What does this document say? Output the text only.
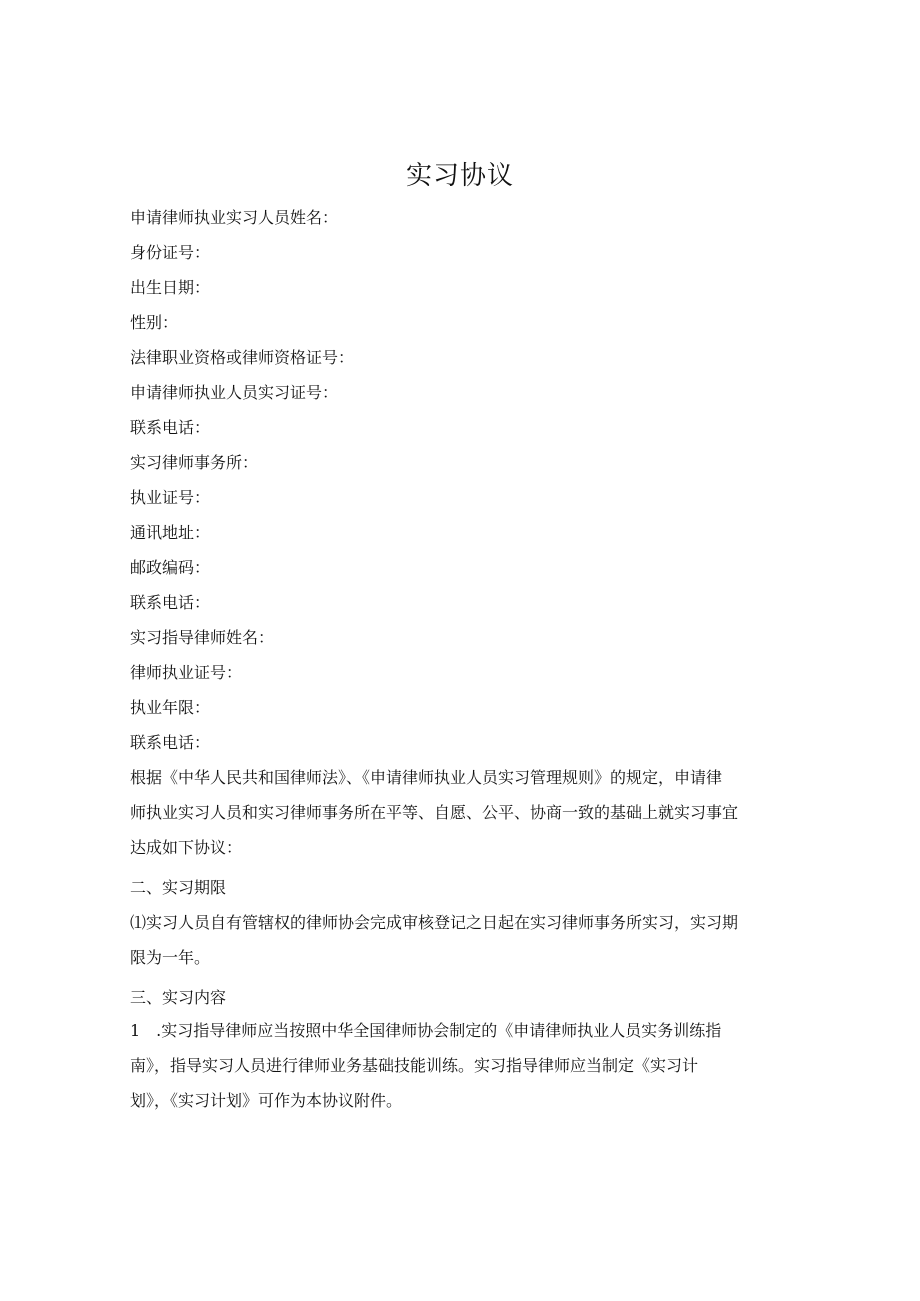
实习协议
申请律师执业实习人员姓名：
身份证号：
出生日期：
性别：
法律职业资格或律师资格证号：
申请律师执业人员实习证号：
联系电话：
实习律师事务所：
执业证号：
通讯地址：
邮政编码：
联系电话：
实习指导律师姓名：
律师执业证号：
执业年限：
联系电话：
根据《中华人民共和国律师法》、《申请律师执业人员实习管理规则》的规定，申请律
师执业实习人员和实习律师事务所在平等、自愿、公平、协商一致的基础上就实习事宜
达成如下协议：
二、实习期限
⑴实习人员自有管辖权的律师协会完成审核登记之日起在实习律师事务所实习，实习期
限为一年。
三、实习内容
1　.实习指导律师应当按照中华全国律师协会制定的《申请律师执业人员实务训练指
南》，指导实习人员进行律师业务基础技能训练。实习指导律师应当制定《实习计
划》，《实习计划》可作为本协议附件。
